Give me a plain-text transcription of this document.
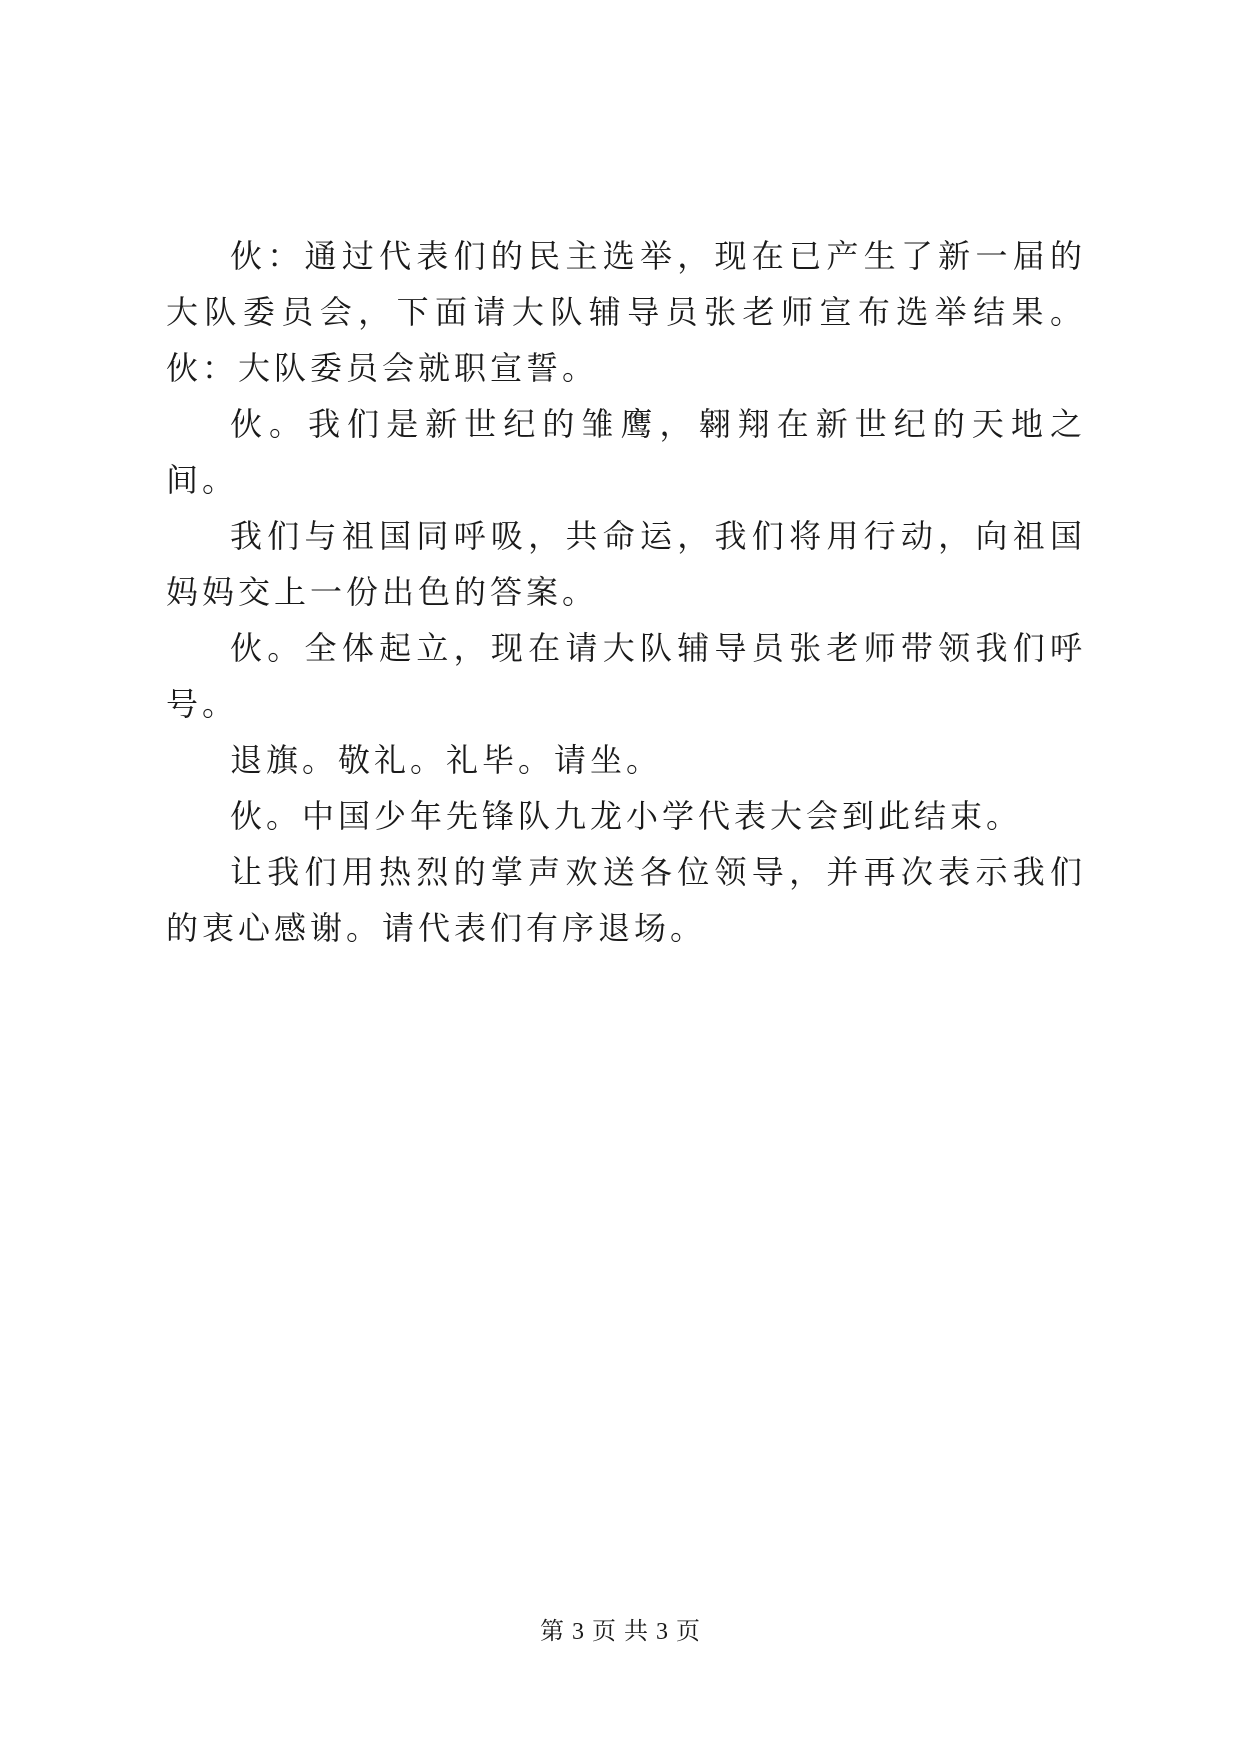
伙：通过代表们的民主选举，现在已产生了新一届的大队委员会，下面请大队辅导员张老师宣布选举结果。伙：大队委员会就职宣誓。

伙。我们是新世纪的雏鹰，翱翔在新世纪的天地之间。

我们与祖国同呼吸，共命运，我们将用行动，向祖国妈妈交上一份出色的答案。

伙。全体起立，现在请大队辅导员张老师带领我们呼号。

退旗。敬礼。礼毕。请坐。

伙。中国少年先锋队九龙小学代表大会到此结束。

让我们用热烈的掌声欢送各位领导，并再次表示我们的衷心感谢。请代表们有序退场。

第 3 页 共 3 页
